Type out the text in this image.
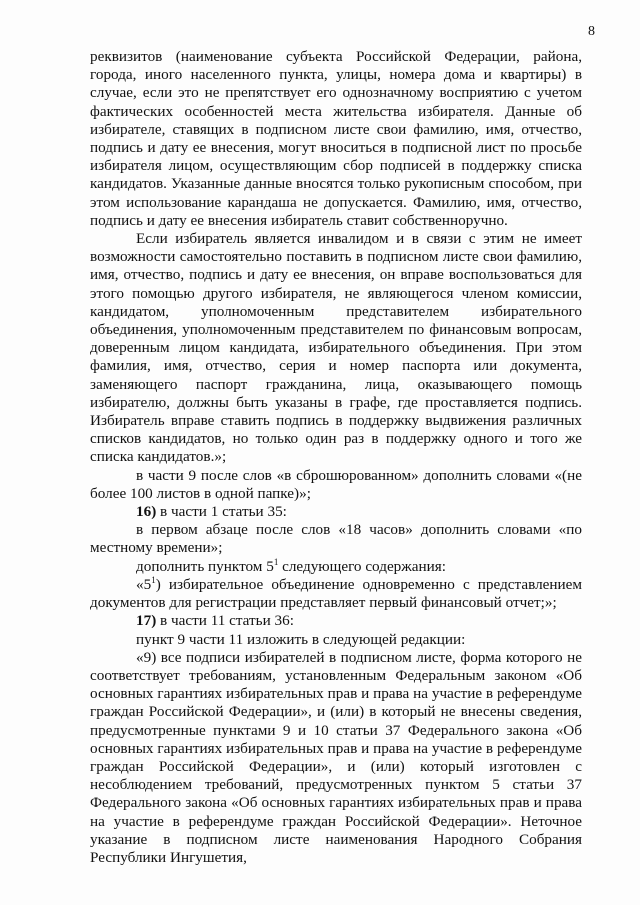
8

реквизитов (наименование субъекта Российской Федерации, района, города, иного населенного пункта, улицы, номера дома и квартиры) в случае, если это не препятствует его однозначному восприятию с учетом фактических особенностей места жительства избирателя. Данные об избирателе, ставящих в подписном листе свои фамилию, имя, отчество, подпись и дату ее внесения, могут вноситься в подписной лист по просьбе избирателя лицом, осуществляющим сбор подписей в поддержку списка кандидатов. Указанные данные вносятся только рукописным способом, при этом использование карандаша не допускается. Фамилию, имя, отчество, подпись и дату ее внесения избиратель ставит собственноручно.

Если избиратель является инвалидом и в связи с этим не имеет возможности самостоятельно поставить в подписном листе свои фамилию, имя, отчество, подпись и дату ее внесения, он вправе воспользоваться для этого помощью другого избирателя, не являющегося членом комиссии, кандидатом, уполномоченным представителем избирательного объединения, уполномоченным представителем по финансовым вопросам, доверенным лицом кандидата, избирательного объединения. При этом фамилия, имя, отчество, серия и номер паспорта или документа, заменяющего паспорт гражданина, лица, оказывающего помощь избирателю, должны быть указаны в графе, где проставляется подпись. Избиратель вправе ставить подпись в поддержку выдвижения различных списков кандидатов, но только один раз в поддержку одного и того же списка кандидатов.»;

в части 9 после слов «в сброшюрованном» дополнить словами «(не более 100 листов в одной папке)»;

16) в части 1 статьи 35:

в первом абзаце после слов «18 часов» дополнить словами «по местному времени»;

дополнить пунктом $5^1$ следующего содержания:

«$5^1$) избирательное объединение одновременно с представлением документов для регистрации представляет первый финансовый отчет;»;

17) в части 11 статьи 36:

пункт 9 части 11 изложить в следующей редакции:

«9) все подписи избирателей в подписном листе, форма которого не соответствует требованиям, установленным Федеральным законом «Об основных гарантиях избирательных прав и права на участие в референдуме граждан Российской Федерации», и (или) в который не внесены сведения, предусмотренные пунктами 9 и 10 статьи 37 Федерального закона «Об основных гарантиях избирательных прав и права на участие в референдуме граждан Российской Федерации», и (или) который изготовлен с несоблюдением требований, предусмотренных пунктом 5 статьи 37 Федерального закона «Об основных гарантиях избирательных прав и права на участие в референдуме граждан Российской Федерации». Неточное указание в подписном листе наименования Народного Собрания Республики Ингушетия,
